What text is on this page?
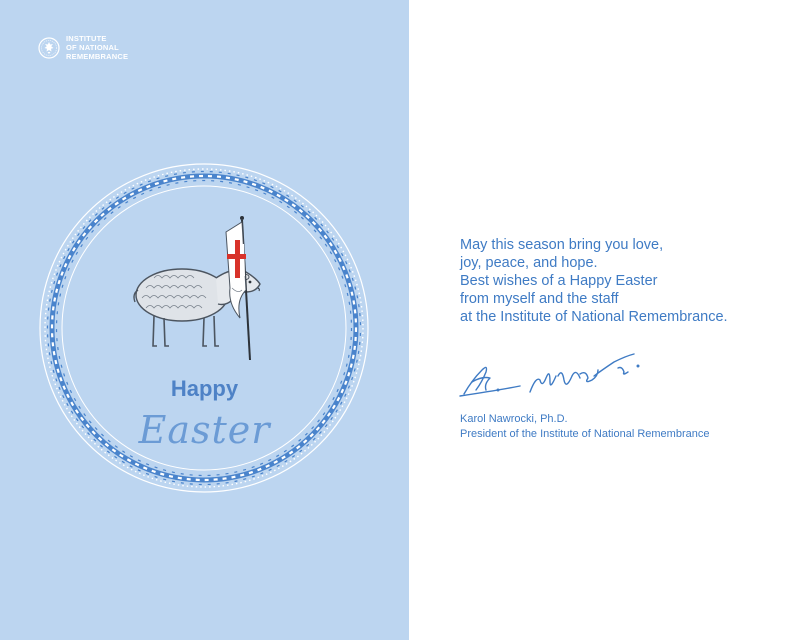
INSTITUTE
OF NATIONAL
REMEMBRANCE
Happy
Easter
May this season bring you love,
joy, peace, and hope.
Best wishes of a Happy Easter
from myself and the staff
at the Institute of National Remembrance.
Karol Nawrocki, Ph.D.
President of the Institute of National Remembrance
